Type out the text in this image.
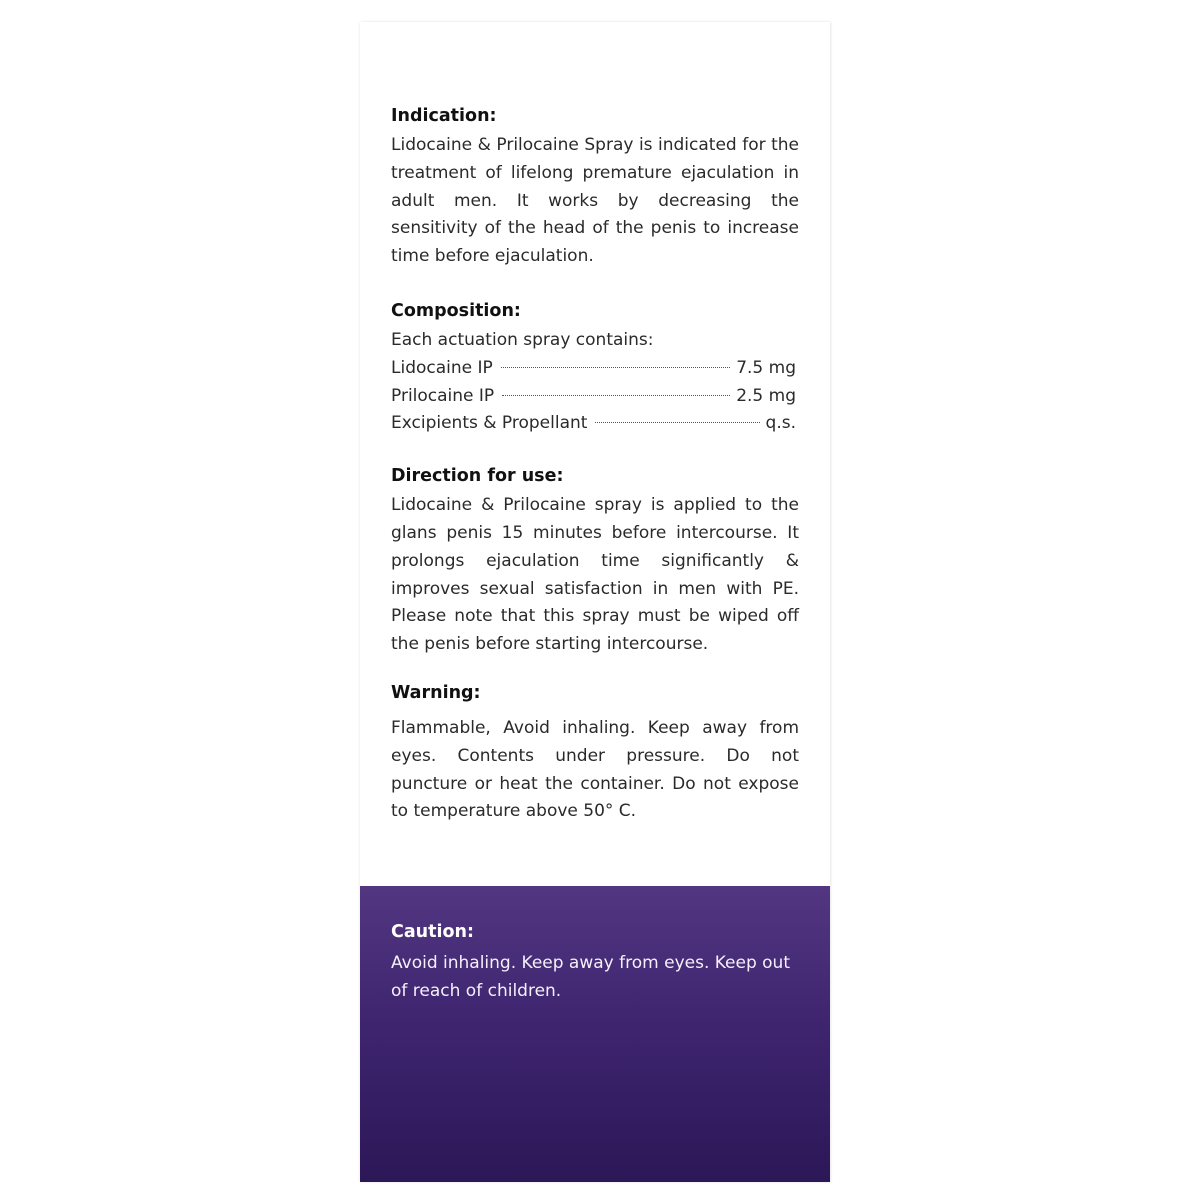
Indication:

Lidocaine & Prilocaine Spray is indicated for the treatment of lifelong premature ejaculation in adult men. It works by decreasing the sensitivity of the head of the penis to increase time before ejaculation.

Composition:

Each actuation spray contains:

Lidocaine IP	7.5 mg
Prilocaine IP	2.5 mg
Excipients & Propellant	q.s.

Direction for use:

Lidocaine & Prilocaine spray is applied to the glans penis 15 minutes before intercourse. It prolongs ejaculation time significantly & improves sexual satisfaction in men with PE. Please note that this spray must be wiped off the penis before starting intercourse.

Warning:

Flammable, Avoid inhaling. Keep away from eyes. Contents under pressure. Do not puncture or heat the container. Do not expose to temperature above 50° C.

Caution:

Avoid inhaling. Keep away from eyes. Keep out of reach of children.
